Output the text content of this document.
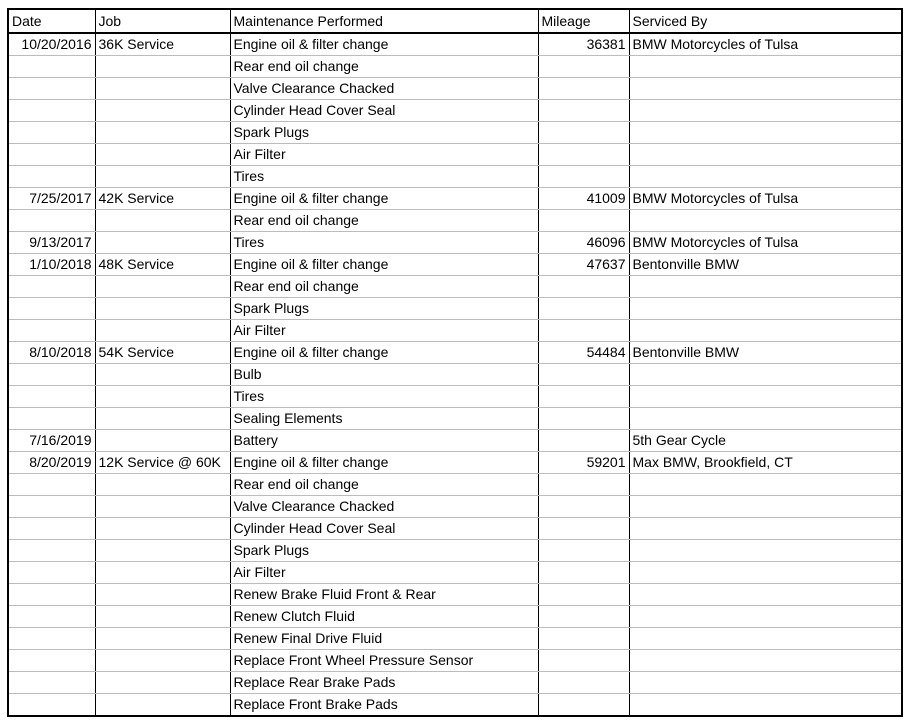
Date	Job	Maintenance Performed	Mileage	Serviced By
10/20/2016	36K Service	Engine oil & filter change	36381	BMW Motorcycles of Tulsa
		Rear end oil change		
		Valve Clearance Chacked		
		Cylinder Head Cover Seal		
		Spark Plugs		
		Air Filter		
		Tires		
7/25/2017	42K Service	Engine oil & filter change	41009	BMW Motorcycles of Tulsa
		Rear end oil change		
9/13/2017		Tires	46096	BMW Motorcycles of Tulsa
1/10/2018	48K Service	Engine oil & filter change	47637	Bentonville BMW
		Rear end oil change		
		Spark Plugs		
		Air Filter		
8/10/2018	54K Service	Engine oil & filter change	54484	Bentonville BMW
		Bulb		
		Tires		
		Sealing Elements		
7/16/2019		Battery		5th Gear Cycle
8/20/2019	12K Service @ 60K	Engine oil & filter change	59201	Max BMW, Brookfield, CT
		Rear end oil change		
		Valve Clearance Chacked		
		Cylinder Head Cover Seal		
		Spark Plugs		
		Air Filter		
		Renew Brake Fluid Front & Rear		
		Renew Clutch Fluid		
		Renew Final Drive Fluid		
		Replace Front Wheel Pressure Sensor		
		Replace Rear Brake Pads		
		Replace Front Brake Pads		
